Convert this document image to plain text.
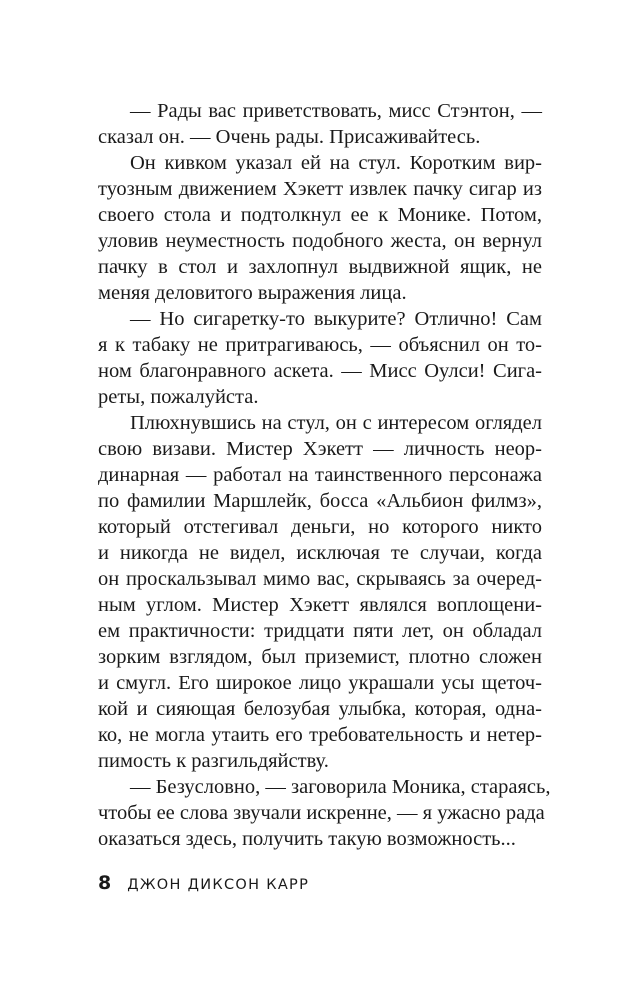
— Рады вас приветствовать, мисс Стэнтон, —
сказал он. — Очень рады. Присаживайтесь.
Он кивком указал ей на стул. Коротким вир-
туозным движением Хэкетт извлек пачку сигар из
своего стола и подтолкнул ее к Монике. Потом,
уловив неуместность подобного жеста, он вернул
пачку в стол и захлопнул выдвижной ящик, не
меняя деловитого выражения лица.
— Но сигаретку-то выкурите? Отлично! Сам
я к табаку не притрагиваюсь, — объяснил он то-
ном благонравного аскета. — Мисс Оулси! Сига-
реты, пожалуйста.
Плюхнувшись на стул, он с интересом оглядел
свою визави. Мистер Хэкетт — личность неор-
динарная — работал на таинственного персонажа
по фамилии Маршлейк, босса «Альбион филмз»,
который отстегивал деньги, но которого никто
и никогда не видел, исключая те случаи, когда
он проскальзывал мимо вас, скрываясь за очеред-
ным углом. Мистер Хэкетт являлся воплощени-
ем практичности: тридцати пяти лет, он обладал
зорким взглядом, был приземист, плотно сложен
и смугл. Его широкое лицо украшали усы щеточ-
кой и сияющая белозубая улыбка, которая, одна-
ко, не могла утаить его требовательность и нетер-
пимость к разгильдяйству.
— Безусловно, — заговорила Моника, стараясь,
чтобы ее слова звучали искренне, — я ужасно рада
оказаться здесь, получить такую возможность...
8 ДЖОН ДИКСОН КАРР
